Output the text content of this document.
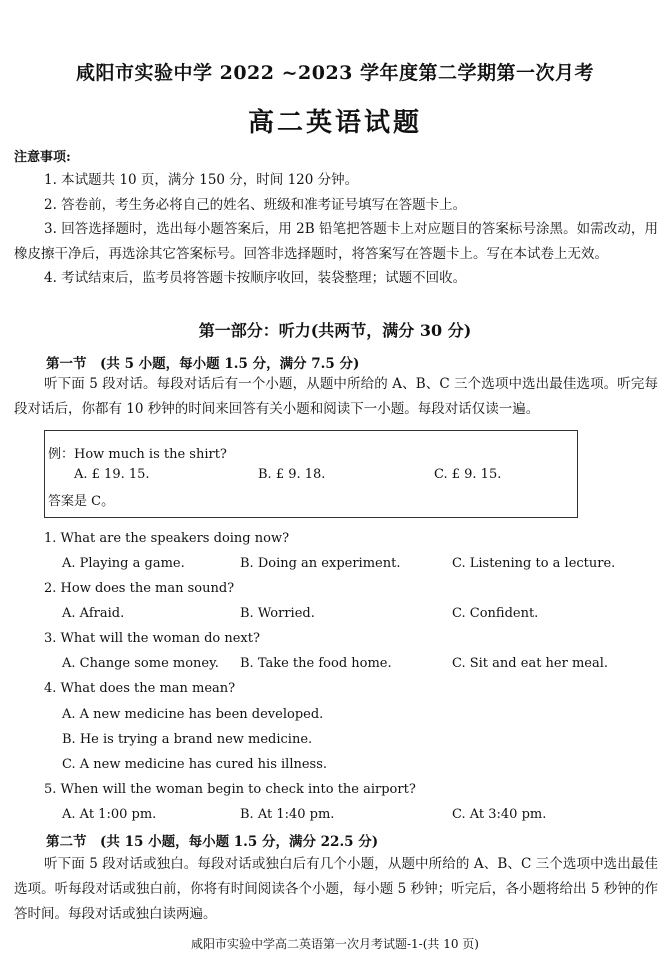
咸阳市实验中学 2022 ~2023 学年度第二学期第一次月考
高二英语试题
注意事项:

1. 本试题共 10 页，满分 150 分，时间 120 分钟。

2. 答卷前，考生务必将自己的姓名、班级和准考证号填写在答题卡上。

3. 回答选择题时，选出每小题答案后，用 2B 铅笔把答题卡上对应题目的答案标号涂黑。如需改动，用橡皮擦干净后，再选涂其它答案标号。回答非选择题时，将答案写在答题卡上。写在本试卷上无效。

4. 考试结束后，监考员将答题卡按顺序收回，装袋整理；试题不回收。

第一部分：听力(共两节，满分 30 分)
第一节　(共 5 小题，每小题 1.5 分，满分 7.5 分)

听下面 5 段对话。每段对话后有一个小题，从题中所给的 A、B、C 三个选项中选出最佳选项。听完每段对话后，你都有 10 秒钟的时间来回答有关小题和阅读下一小题。每段对话仅读一遍。

例：How much is the shirt?
A. £ 19. 15.	B. £ 9. 18.	C. £ 9. 15.
答案是 C。
1. What are the speakers doing now?
A. Playing a game.	B. Doing an experiment.	C. Listening to a lecture.
2. How does the man sound?
A. Afraid.	B. Worried.	C. Confident.
3. What will the woman do next?
A. Change some money. B. Take the food home.	C. Sit and eat her meal.
4. What does the man mean?
A. A new medicine has been developed.
B. He is trying a brand new medicine.
C. A new medicine has cured his illness.
5. When will the woman begin to check into the airport?
A. At 1:00 pm.	B. At 1:40 pm.	C. At 3:40 pm.
第二节　(共 15 小题，每小题 1.5 分，满分 22.5 分)

听下面 5 段对话或独白。每段对话或独白后有几个小题，从题中所给的 A、B、C 三个选项中选出最佳选项。听每段对话或独白前，你将有时间阅读各个小题，每小题 5 秒钟；听完后，各小题将给出 5 秒钟的作答时间。每段对话或独白读两遍。

咸阳市实验中学高二英语第一次月考试题-1-(共 10 页)
